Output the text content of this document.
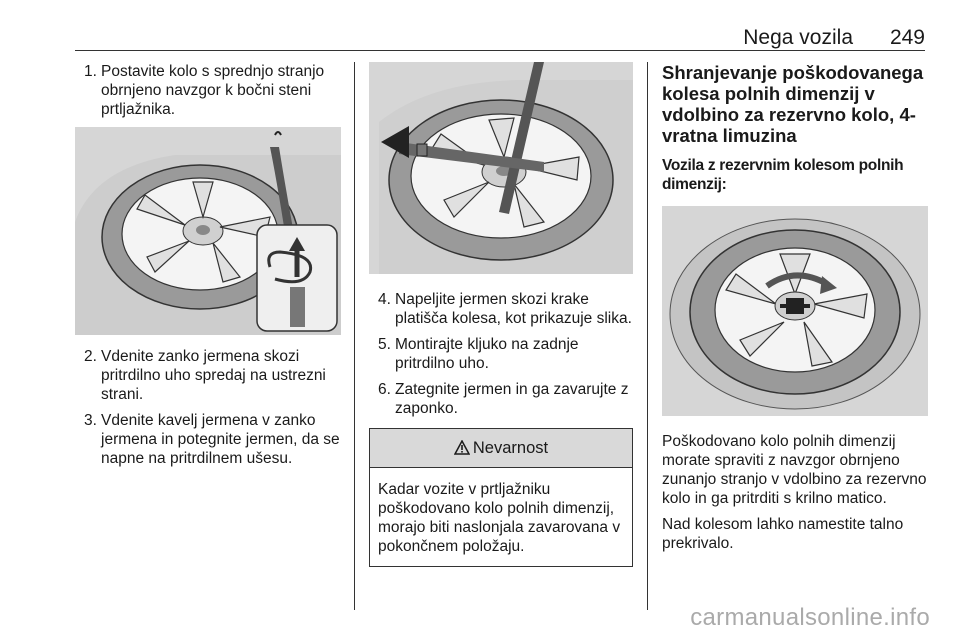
Nega vozila 249
1. Postavite kolo s sprednjo stranjo obrnjeno navzgor k bočni steni prtljažnika.
2. Vdenite zanko jermena skozi pritrdilno uho spredaj na ustrezni strani.
3. Vdenite kavelj jermena v zanko jermena in potegnite jermen, da se napne na pritrdilnem ušesu.
4. Napeljite jermen skozi krake platišča kolesa, kot prikazuje slika.
5. Montirajte kljuko na zadnje pritrdilno uho.
6. Zategnite jermen in ga zavarujte z zaponko.
Nevarnost
Kadar vozite v prtljažniku poškodovano kolo polnih dimenzij, morajo biti naslonjala zavarovana v pokončnem položaju.
Shranjevanje poškodovanega kolesa polnih dimenzij v vdolbino za rezervno kolo, 4-vratna limuzina
Vozila z rezervnim kolesom polnih dimenzij:
Poškodovano kolo polnih dimenzij morate spraviti z navzgor obrnjeno zunanjo stranjo v vdolbino za rezervno kolo in ga pritrditi s krilno matico.
Nad kolesom lahko namestite talno prekrivalo.
carmanualsonline.info
